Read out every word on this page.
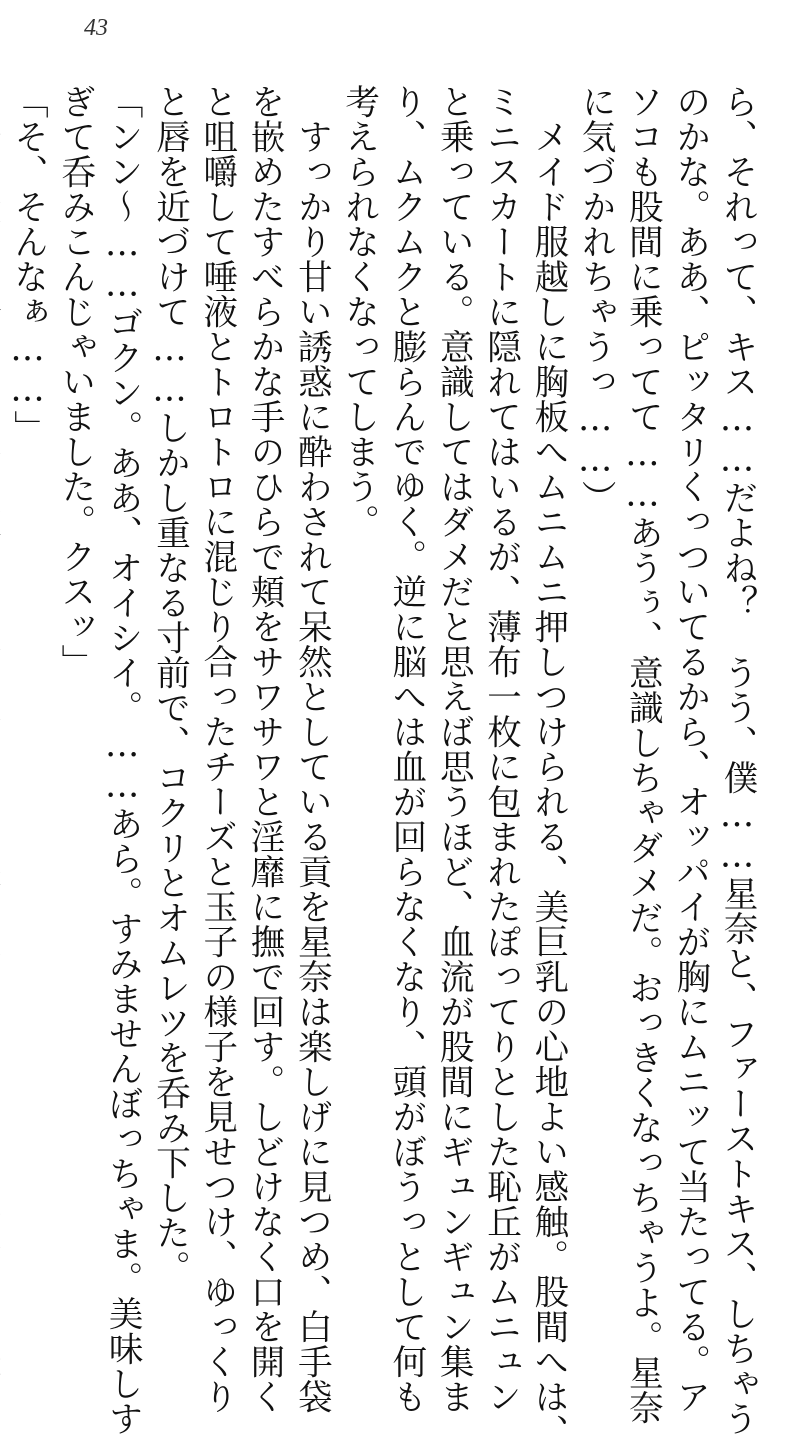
43
ら、それって、キス……だよね？　うう、僕……星奈と、ファーストキス、しちゃう
のかな。ああ、ピッタリくっついてるから、オッパイが胸にムニッて当たってる。ア
ソコも股間に乗ってて……あうぅ、意識しちゃダメだ。おっきくなっちゃうよ。星奈
に気づかれちゃうっ……）
　メイド服越しに胸板へムニムニ押しつけられる、美巨乳の心地よい感触。股間へは、
ミニスカートに隠れてはいるが、薄布一枚に包まれたぽってりとした恥丘がムニュン
と乗っている。意識してはダメだと思えば思うほど、血流が股間にギュンギュン集ま
り、ムクムクと膨らんでゆく。逆に脳へは血が回らなくなり、頭がぼうっとして何も
考えられなくなってしまう。
　すっかり甘い誘惑に酔わされて呆然としている貢を星奈は楽しげに見つめ、白手袋
を嵌めたすべらかな手のひらで頬をサワサワと淫靡に撫で回す。しどけなく口を開く
と咀嚼して唾液とトロトロに混じり合ったチーズと玉子の様子を見せつけ、ゆっくり
と唇を近づけて……しかし重なる寸前で、コクリとオムレツを呑み下した。
「ンン〜……ゴクン。ああ、オイシイ。……あら。すみませんぼっちゃま。美味しす
ぎて呑みこんじゃいました。クスッ」
「そ、そんなぁ……」
